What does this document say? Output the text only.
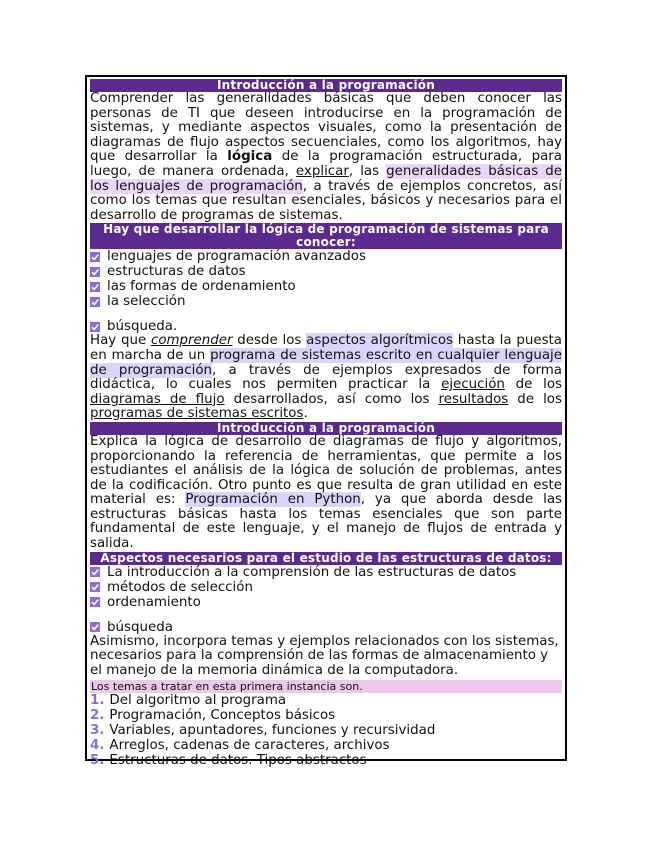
Introducción a la programación

Comprender las generalidades básicas que deben conocer las personas de TI que deseen introducirse en la programación de sistemas, y mediante aspectos visuales, como la presentación de diagramas de flujo aspectos secuenciales, como los algoritmos, hay que desarrollar la lógica de la programación estructurada, para luego, de manera ordenada, explicar, las generalidades básicas de los lenguajes de programación, a través de ejemplos concretos, así como los temas que resultan esenciales, básicos y necesarios para el desarrollo de programas de sistemas.

Hay que desarrollar la lógica de programación de sistemas para conocer:
lenguajes de programación avanzados
estructuras de datos
las formas de ordenamiento
la selección
búsqueda.

Hay que comprender desde los aspectos algorítmicos hasta la puesta en marcha de un programa de sistemas escrito en cualquier lenguaje de programación, a través de ejemplos expresados de forma didáctica, lo cuales nos permiten practicar la ejecución de los diagramas de flujo desarrollados, así como los resultados de los programas de sistemas escritos.

Introducción a la programación

Explica la lógica de desarrollo de diagramas de flujo y algoritmos, proporcionando la referencia de herramientas, que permite a los estudiantes el análisis de la lógica de solución de problemas, antes de la codificación. Otro punto es que resulta de gran utilidad en este material es: Programación en Python, ya que aborda desde las estructuras básicas hasta los temas esenciales que son parte fundamental de este lenguaje, y el manejo de flujos de entrada y salida.

Aspectos necesarios para el estudio de las estructuras de datos:
La introducción a la comprensión de las estructuras de datos
métodos de selección
ordenamiento
búsqueda

Asimismo, incorpora temas y ejemplos relacionados con los sistemas, necesarios para la comprensión de las formas de almacenamiento y el manejo de la memoria dinámica de la computadora.

Los temas a tratar en esta primera instancia son.
1. Del algoritmo al programa
2. Programación, Conceptos básicos
3. Variables, apuntadores, funciones y recursividad
4. Arreglos, cadenas de caracteres, archivos
5. Estructuras de datos. Tipos abstractos
